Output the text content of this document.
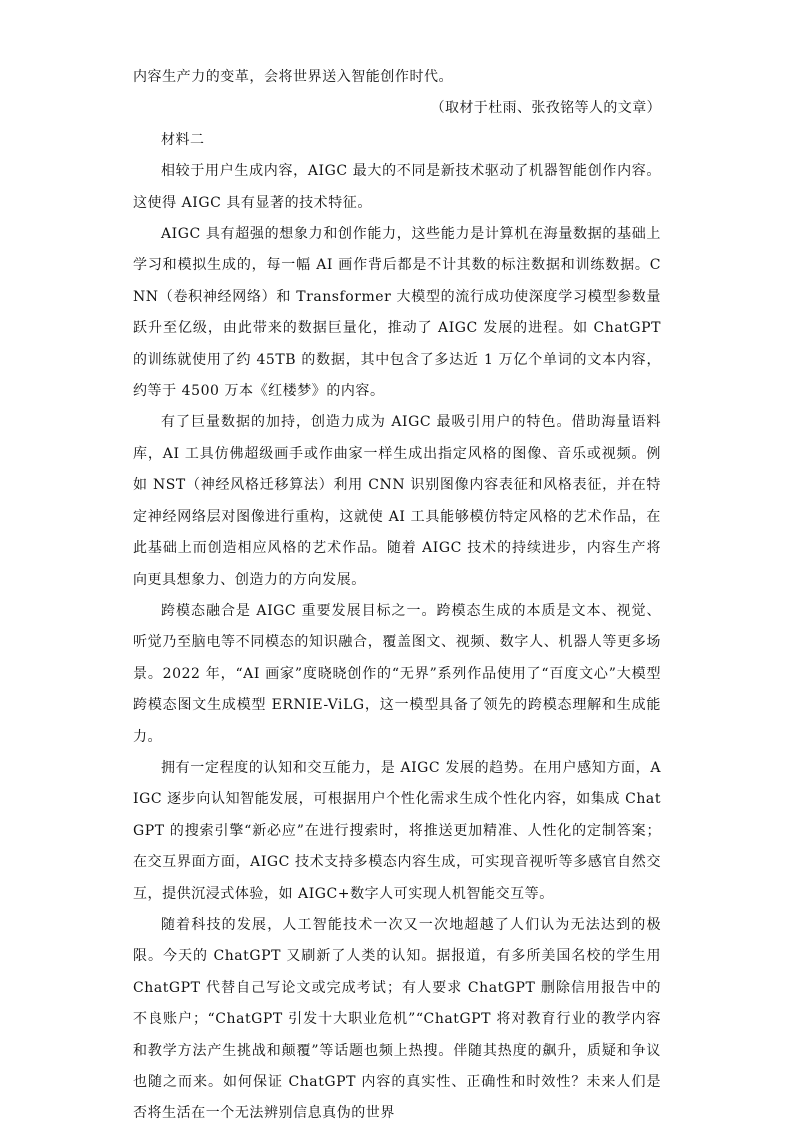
内容生产力的变革，会将世界送入智能创作时代。

（取材于杜雨、张孜铭等人的文章）

材料二

相较于用户生成内容，AIGC 最大的不同是新技术驱动了机器智能创作内容。这使得 AIGC 具有显著的技术特征。

AIGC 具有超强的想象力和创作能力，这些能力是计算机在海量数据的基础上学习和模拟生成的，每一幅 AI 画作背后都是不计其数的标注数据和训练数据。CNN（卷积神经网络）和 Transformer 大模型的流行成功使深度学习模型参数量跃升至亿级，由此带来的数据巨量化，推动了 AIGC 发展的进程。如 ChatGPT 的训练就使用了约 45TB 的数据，其中包含了多达近 1 万亿个单词的文本内容，约等于 4500 万本《红楼梦》的内容。

有了巨量数据的加持，创造力成为 AIGC 最吸引用户的特色。借助海量语料库，AI 工具仿佛超级画手或作曲家一样生成出指定风格的图像、音乐或视频。例如 NST（神经风格迁移算法）利用 CNN 识别图像内容表征和风格表征，并在特定神经网络层对图像进行重构，这就使 AI 工具能够模仿特定风格的艺术作品，在此基础上而创造相应风格的艺术作品。随着 AIGC 技术的持续进步，内容生产将向更具想象力、创造力的方向发展。

跨模态融合是 AIGC 重要发展目标之一。跨模态生成的本质是文本、视觉、听觉乃至脑电等不同模态的知识融合，覆盖图文、视频、数字人、机器人等更多场景。2022 年，“AI 画家”度晓晓创作的“无界”系列作品使用了“百度文心”大模型跨模态图文生成模型 ERNIE-ViLG，这一模型具备了领先的跨模态理解和生成能力。

拥有一定程度的认知和交互能力，是 AIGC 发展的趋势。在用户感知方面，AIGC 逐步向认知智能发展，可根据用户个性化需求生成个性化内容，如集成 ChatGPT 的搜索引擎“新必应”在进行搜索时，将推送更加精准、人性化的定制答案；在交互界面方面，AIGC 技术支持多模态内容生成，可实现音视听等多感官自然交互，提供沉浸式体验，如 AIGC+数字人可实现人机智能交互等。

随着科技的发展，人工智能技术一次又一次地超越了人们认为无法达到的极限。今天的 ChatGPT 又刷新了人类的认知。据报道，有多所美国名校的学生用 ChatGPT 代替自己写论文或完成考试；有人要求 ChatGPT 删除信用报告中的不良账户；“ChatGPT 引发十大职业危机”“ChatGPT 将对教育行业的教学内容和教学方法产生挑战和颠覆”等话题也频上热搜。伴随其热度的飙升，质疑和争议也随之而来。如何保证 ChatGPT 内容的真实性、正确性和时效性？未来人们是否将生活在一个无法辨别信息真伪的世界
